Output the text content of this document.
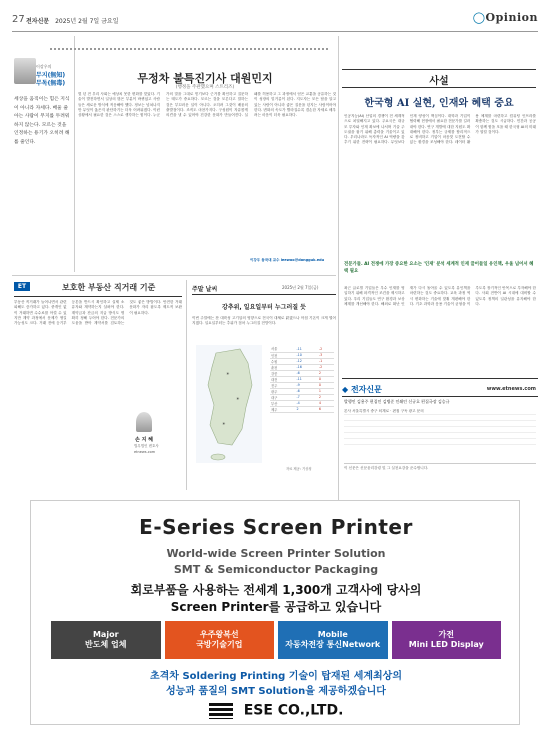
27 전자신문 2025년 2월 7일 금요일	◯Opinion
이강우의
무지(無知)
무독(無毒)
세상을 움직이는 힘은 지식이 아니라 자세다. 배울 줄 아는 사람이 무지를 두려워하지 않는다. 모르는 것을 인정하는 용기가 오히려 해를 줄인다.
무정차 불특진기사 대원민지
(행정을 주관했으며 스트리즈)
몇 년 전 우리 사회는 예상치 못한 변화를 맞았다. 기술이 발전하면서 일상의 많은 부분이 바뀌었고 사람들은 새로운 방식에 적응해야 했다. 정보는 넘쳐나지만 무엇이 옳은지 판단하기는 더욱 어려워졌다. 이런 상황에서 필요한 것은 스스로 생각하는 힘이다. 누군가의 말을 그대로 믿기보다 근거를 확인하고 질문하는 태도가 중요하다. 모르는 것을 모른다고 말하는 것은 부끄러운 일이 아니다. 오히려 그것이 배움의 출발점이다. 조직도 마찬가지다. 구성원이 자유롭게 의견을 낼 수 있어야 건강한 문화가 만들어진다. 실패를 허용하고 그 과정에서 얻은 교훈을 공유하는 것이 성장의 밑거름이 된다. 지도자는 모든 답을 알고 있는 사람이 아니라 좋은 질문을 던지는 사람이어야 한다. 변화의 속도가 빨라질수록 겸손한 자세로 배우려는 마음이 더욱 필요하다.
이강우 동국대 교수 leewoo@dongguk.edu
사설
한국형 AI 실현, 인재와 혜택 중요
인공지능(AI) 산업의 경쟁이 전 세계적으로 치열해지고 있다. 주요국은 대규모 투자와 인재 확보에 나서며 기술 주도권을 잡기 위해 총력을 기울이고 있다. 우리나라도 독자적인 AI 역량을 갖추기 위한 전략이 필요하다. 무엇보다 인재 양성이 핵심이다. 대학과 기업이 협력해 현장에서 필요한 전문가를 길러내야 한다. 연구 개발에 대한 지원도 확대해야 한다. 정부는 규제를 합리적으로 정비하고 기업이 마음껏 도전할 수 있는 환경을 조성해야 한다. 데이터 활용 체계를 마련하고 컴퓨팅 인프라를 확충하는 것도 시급하다. 민간과 공공이 함께 힘을 모을 때 한국형 AI의 미래가 열릴 것이다.
전문가들. AI 전쟁에 가장 중요한 요소는 '인재' 분석 세계적 인재 끌어들일 유인책, 우울 넘어서 혜택 필요
최근 글로벌 기업들은 우수 인재를 영입하기 위해 파격적인 조건을 제시하고 있다. 우리 기업들도 연구 환경과 보상 체계를 개선해야 한다. 해외로 떠난 인재가 다시 돌아올 수 있도록 유인책을 마련하는 것도 중요하다. 교육 과정 역시 변화하는 기술에 맞춰 개편해야 한다. 기초 과학과 응용 기술이 균형을 이루도록 장기적인 안목으로 투자해야 한다. 사회 전반이 AI 시대에 대비할 수 있도록 정책의 일관성을 유지해야 한다.
ET	보호한 부동산 직거래 기준
부동산 직거래가 늘어나면서 관련 피해도 증가하고 있다. 중개인 없이 거래하면 수수료를 아낄 수 있지만 계약 과정에서 문제가 생길 가능성도 크다. 거래 전에 등기부등본을 반드시 확인하고 실제 소유자와 계약하는지 살펴야 한다. 계약금과 잔금의 지급 방식도 명확히 정해 두어야 한다. 전문가의 도움을 받아 계약서를 검토하는 것도 좋은 방법이다. 안전한 거래 문화가 자리 잡도록 제도적 보완이 필요하다.
손 지 혜
법무법인 변호사
etnews.com
주말 날씨	2025년 2월 7일(금)
강추위, 일요일부터 누그러질 듯
이번 주말에는 찬 대륙성 고기압의 영향으로 전국이 대체로 맑겠으나 아침 기온이 크게 떨어지겠다. 일요일부터는 추위가 점차 누그러질 전망이다.
☀
☀
☀
서울	-11	-2
인천	-10	-3
수원	-12	-1
춘천	-16	-2
강릉	-6	2
대전	-11	0
전주	-9	0
광주	-6	1
대구	-7	2
부산	-4	4
제주	2	6
자료 제공: 기상청
◆ 전자신문	www.etnews.com
발행인 김용주 편집인 김병준 인쇄인 신규호 편집국장 김승규
본사 서울특별시 중구 퇴계로 · 편집 구독 광고 문의
이 신문은 신문윤리강령 및 그 실천요강을 준수합니다.
E-Series Screen Printer
World-wide Screen Printer Solution
SMT & Semiconductor Packaging
회로부품을 사용하는 전세계 1,300개 고객사에 당사의
Screen Printer를 공급하고 있습니다
Major
반도체 업체
우주왕복선
국방기술기업
Mobile
자동차전장 통신Network
가전
Mini LED Display
초격차 Soldering Printing 기술이 탑재된 세계최상의
성능과 품질의 SMT Solution을 제공하겠습니다
ESE CO.,LTD.
